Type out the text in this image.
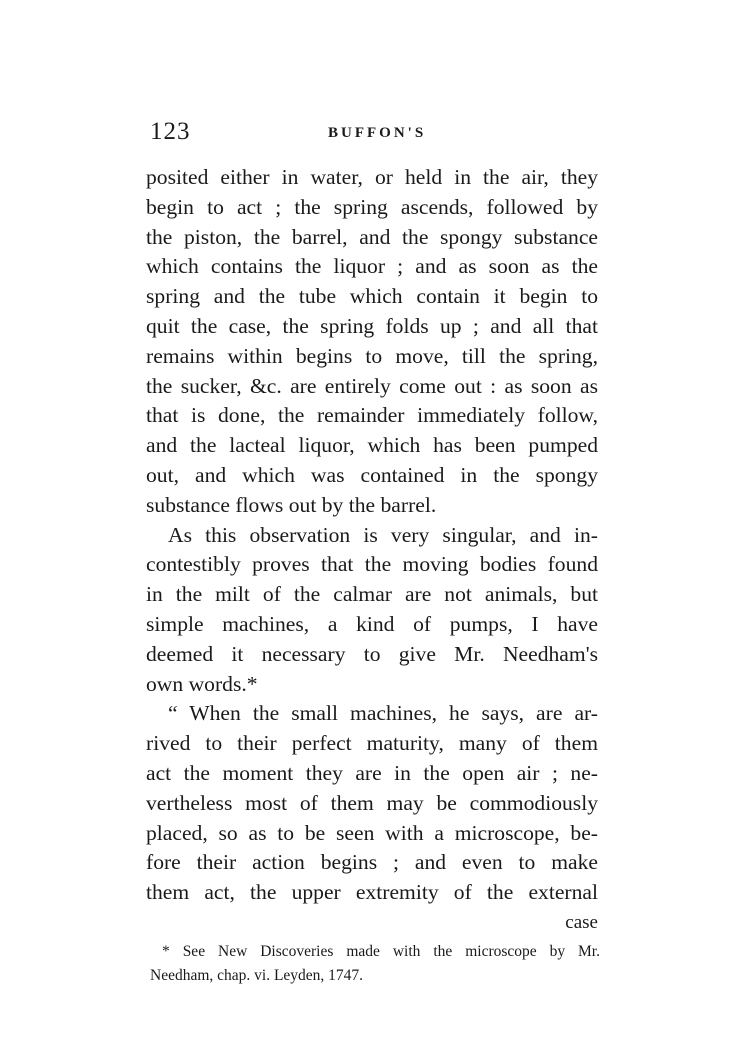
123	BUFFON'S
posited either in water, or held in the air, they
begin to act ; the spring ascends, followed by
the piston, the barrel, and the spongy substance
which contains the liquor ; and as soon as the
spring and the tube which contain it begin to
quit the case, the spring folds up ; and all that
remains within begins to move, till the spring,
the sucker, &c. are entirely come out : as soon as
that is done, the remainder immediately follow,
and the lacteal liquor, which has been pumped
out, and which was contained in the spongy
substance flows out by the barrel.
As this observation is very singular, and in-
contestibly proves that the moving bodies found
in the milt of the calmar are not animals, but
simple machines, a kind of pumps, I have
deemed it necessary to give Mr. Needham's
own words.*
“ When the small machines, he says, are ar-
rived to their perfect maturity, many of them
act the moment they are in the open air ; ne-
vertheless most of them may be commodiously
placed, so as to be seen with a microscope, be-
fore their action begins ; and even to make
them act, the upper extremity of the external
case
* See New Discoveries made with the microscope by Mr.
Needham, chap. vi. Leyden, 1747.
